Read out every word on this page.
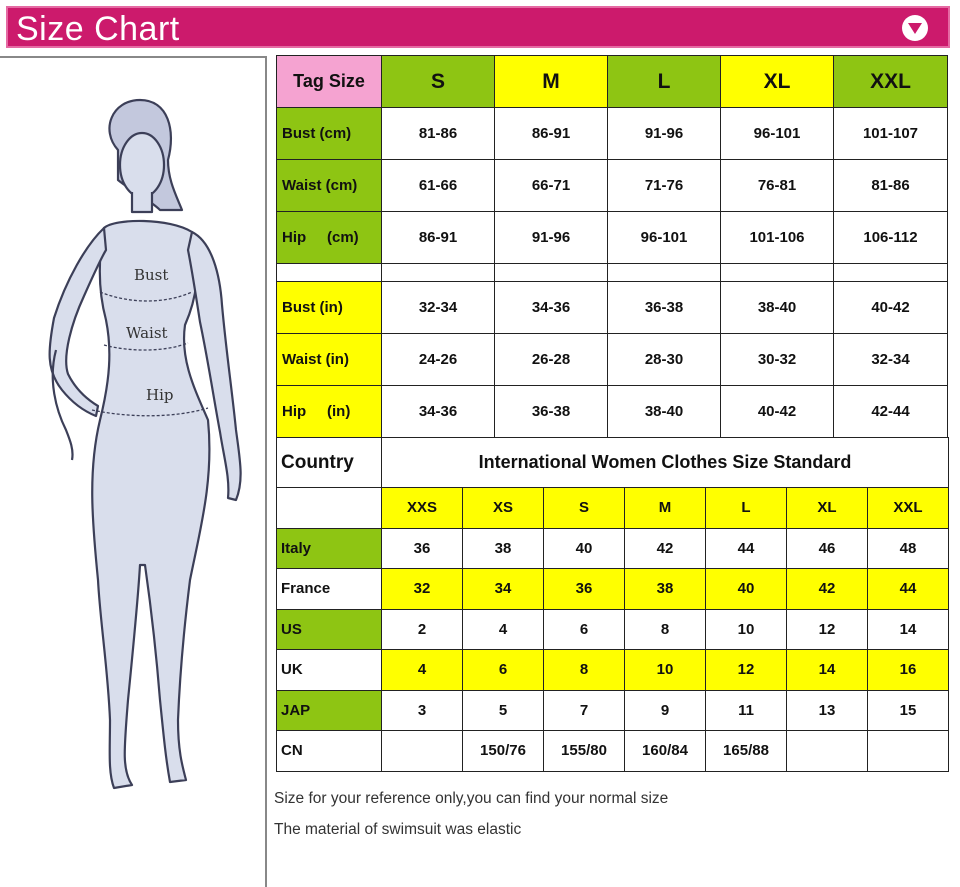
Size Chart
Bust
Waist
Hip
Tag Size	S	M	L	XL	XXL
Bust (cm)	81-86	86-91	91-96	96-101	101-107
Waist (cm)	61-66	66-71	71-76	76-81	81-86
Hip     (cm)	86-91	91-96	96-101	101-106	106-112

Bust (in)	32-34	34-36	36-38	38-40	40-42
Waist (in)	24-26	26-28	28-30	30-32	32-34
Hip     (in)	34-36	36-38	38-40	40-42	42-44
Country	International Women Clothes Size Standard						
	XXS	XS	S	M	L	XL	XXL
Italy	36	38	40	42	44	46	48
France	32	34	36	38	40	42	44
US	2	4	6	8	10	12	14
UK	4	6	8	10	12	14	16
JAP	3	5	7	9	11	13	15
CN		150/76	155/80	160/84	165/88		
Size for your reference only,you can find your normal size
The material of swimsuit was elastic
